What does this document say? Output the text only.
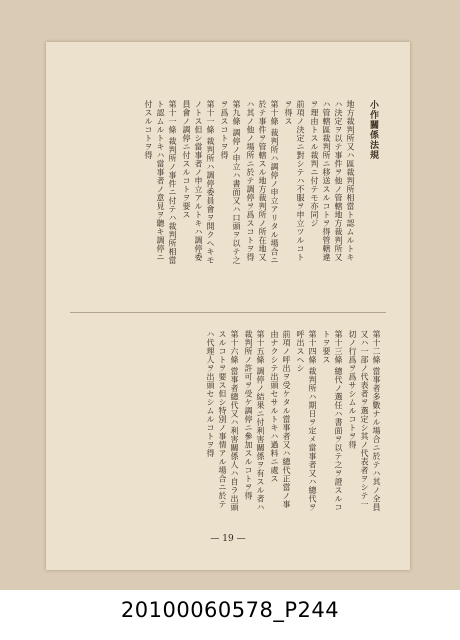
小作關係法規
地方裁判所又ハ區裁判所相當ト認ムルトキハ決定ヲ以テ事件ヲ他ノ管轄地方裁判所又ハ管轄區裁判所ニ移送スルコトヲ得管轄違ヲ理由トスル裁判ニ付テモ亦同ジ
前項ノ決定ニ對シテハ不服ヲ申立ツルコトヲ得ス
第十條 裁判所ハ調停ノ申立アリタル場合ニ於テ事件ヲ管轄スル地方裁判所ノ所在地又ハ其ノ他ノ場所ニ於テ調停ヲ爲スコトヲ得
第九條 調停ノ申立ハ書面又ハ口頭ヲ以テ之ヲ爲スコトヲ得
第十一條 裁判所ハ調停委員會ヲ開クヘキモノトス但シ當事者ノ申立アルトキハ調停委員會ノ調停ニ付スルコトヲ要ス
第十一條 裁判所ノ事件ニ付テハ裁判所相當ト認ムルトキハ當事者ノ意見ヲ聽キ調停ニ付スルコトヲ得
第十二條 當事者多數ナル場合ニ於テハ其ノ全員又ハ一部ノ代表者ヲ選定シ其ノ代表者ヲシテ一切ノ行爲ヲ爲サシムルコトヲ得
第十三條 總代ノ選任ハ書面ヲ以テ之ヲ證スルコトヲ要ス
第十四條 裁判所ハ期日ヲ定メ當事者又ハ總代ヲ呼出スヘシ
前項ノ呼出ヲ受ケタル當事者又ハ總代正當ノ事由ナクシテ出頭セサルトキハ過料ニ處ス
第十五條 調停ノ結果ニ付利害關係ヲ有スル者ハ裁判所ノ許可ヲ受ケ調停ニ參加スルコトヲ得
第十六條 當事者總代又ハ利害關係人ハ自ラ出頭スルコトヲ要ス但シ特別ノ事情アル場合ニ於テハ代理人ヲ出頭セシムルコトヲ得
— 19 —
20100060578_P244
